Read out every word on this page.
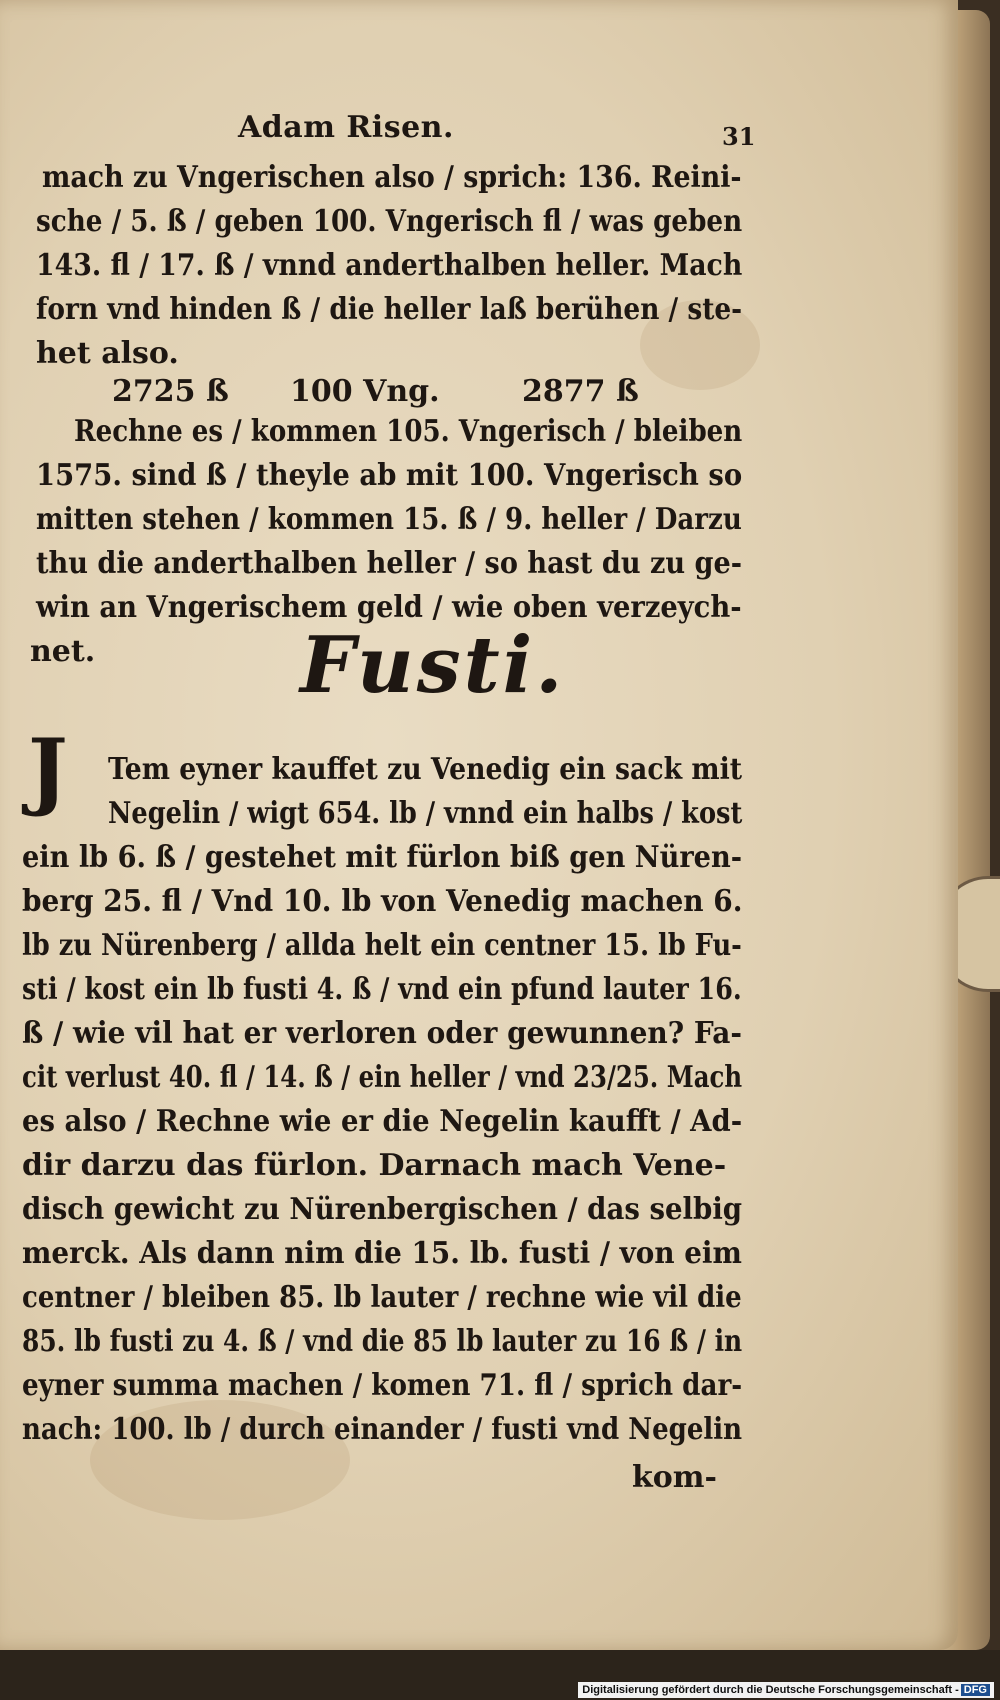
Adam Risen.	31
mach zu Vngerischen also / sprich: 136. Reini-
sche / 5. ß / geben 100. Vngerisch fl / was geben
143. fl / 17. ß / vnnd anderthalben heller. Mach
forn vnd hinden ß / die heller laß berühen / ste-
het also.
2725 ß 100 Vng.	2877 ß
Rechne es / kommen 105. Vngerisch / bleiben
1575. sind ß / theyle ab mit 100. Vngerisch so
mitten stehen / kommen 15. ß / 9. heller / Darzu
thu die anderthalben heller / so hast du zu ge-
win an Vngerischem geld / wie oben verzeych-
net.	Fusti.
J Tem eyner kauffet zu Venedig ein sack mit
Negelin / wigt 654. lb / vnnd ein halbs / kost
ein lb 6. ß / gestehet mit fürlon biß gen Nüren-
berg 25. fl / Vnd 10. lb von Venedig machen 6.
lb zu Nürenberg / allda helt ein centner 15. lb Fu-
sti / kost ein lb fusti 4. ß / vnd ein pfund lauter 16.
ß / wie vil hat er verloren oder gewunnen? Fa-
cit verlust 40. fl / 14. ß / ein heller / vnd 23/25. Mach
es also / Rechne wie er die Negelin kaufft / Ad-
dir darzu das fürlon. Darnach mach Vene-
disch gewicht zu Nürenbergischen / das selbig
merck. Als dann nim die 15. lb. fusti / von eim
centner / bleiben 85. lb lauter / rechne wie vil die
85. lb fusti zu 4. ß / vnd die 85 lb lauter zu 16 ß / in
eyner summa machen / komen 71. fl / sprich dar-
nach: 100. lb / durch einander / fusti vnd Negelin
kom-
Digitalisierung gefördert durch die Deutsche Forschungsgemeinschaft - DFG
